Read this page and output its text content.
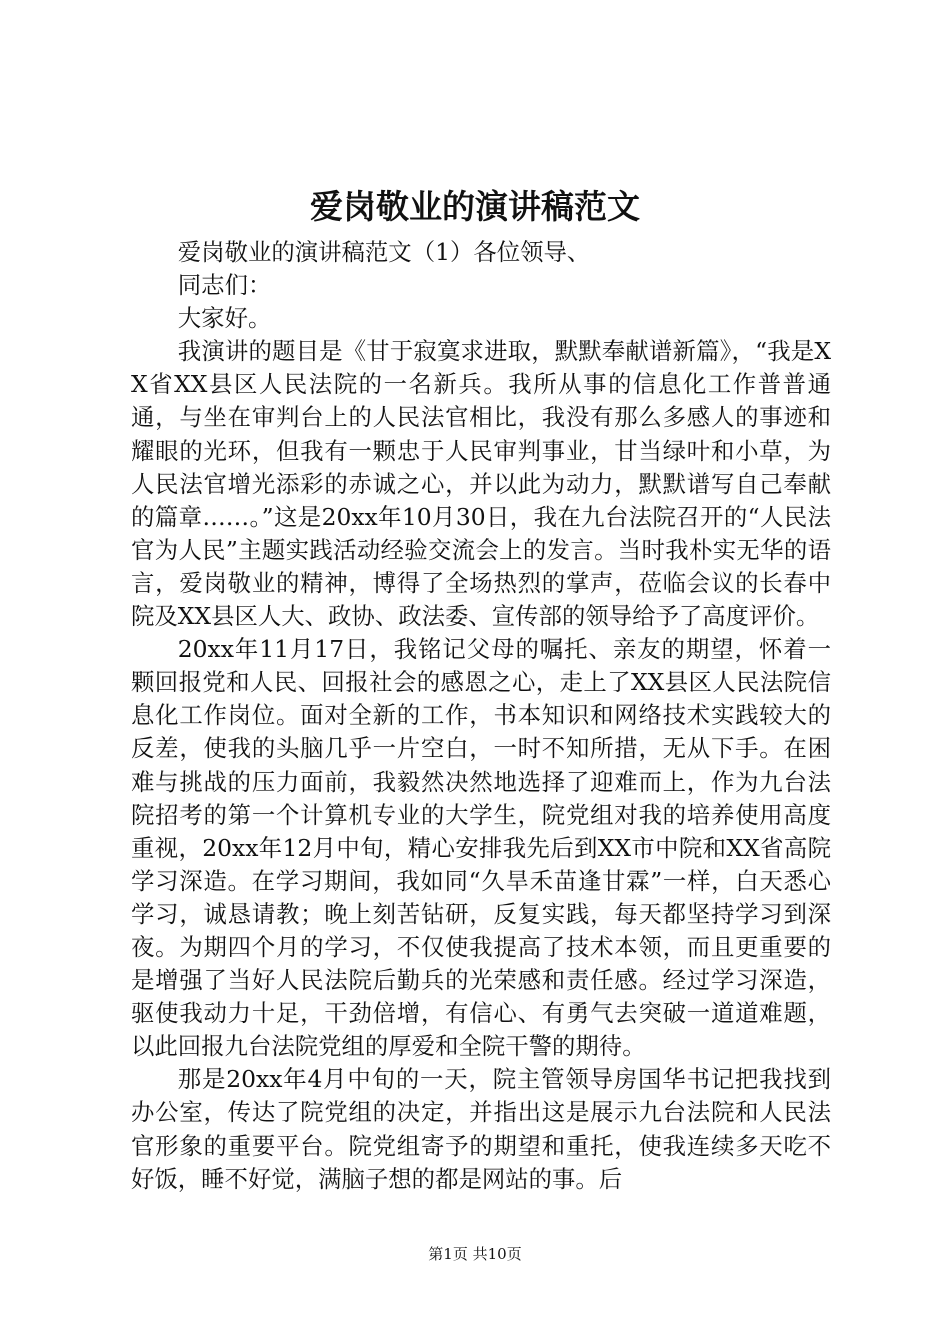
爱岗敬业的演讲稿范文

爱岗敬业的演讲稿范文（1）各位领导、

同志们：

大家好。

我演讲的题目是《甘于寂寞求进取，默默奉献谱新篇》，“我是XX省XX县区人民法院的一名新兵。我所从事的信息化工作普普通通，与坐在审判台上的人民法官相比，我没有那么多感人的事迹和耀眼的光环，但我有一颗忠于人民审判事业，甘当绿叶和小草，为人民法官增光添彩的赤诚之心，并以此为动力，默默谱写自己奉献的篇章……。”这是20xx年10月30日，我在九台法院召开的“人民法官为人民”主题实践活动经验交流会上的发言。当时我朴实无华的语言，爱岗敬业的精神，博得了全场热烈的掌声，莅临会议的长春中院及XX县区人大、政协、政法委、宣传部的领导给予了高度评价。

20xx年11月17日，我铭记父母的嘱托、亲友的期望，怀着一颗回报党和人民、回报社会的感恩之心，走上了XX县区人民法院信息化工作岗位。面对全新的工作，书本知识和网络技术实践较大的反差，使我的头脑几乎一片空白，一时不知所措，无从下手。在困难与挑战的压力面前，我毅然决然地选择了迎难而上，作为九台法院招考的第一个计算机专业的大学生，院党组对我的培养使用高度重视，20xx年12月中旬，精心安排我先后到XX市中院和XX省高院学习深造。在学习期间，我如同“久旱禾苗逢甘霖”一样，白天悉心学习，诚恳请教；晚上刻苦钻研，反复实践，每天都坚持学习到深夜。为期四个月的学习，不仅使我提高了技术本领，而且更重要的是增强了当好人民法院后勤兵的光荣感和责任感。经过学习深造，驱使我动力十足，干劲倍增，有信心、有勇气去突破一道道难题，以此回报九台法院党组的厚爱和全院干警的期待。

那是20xx年4月中旬的一天，院主管领导房国华书记把我找到办公室，传达了院党组的决定，并指出这是展示九台法院和人民法官形象的重要平台。院党组寄予的期望和重托，使我连续多天吃不好饭，睡不好觉，满脑子想的都是网站的事。后

第1页 共10页
